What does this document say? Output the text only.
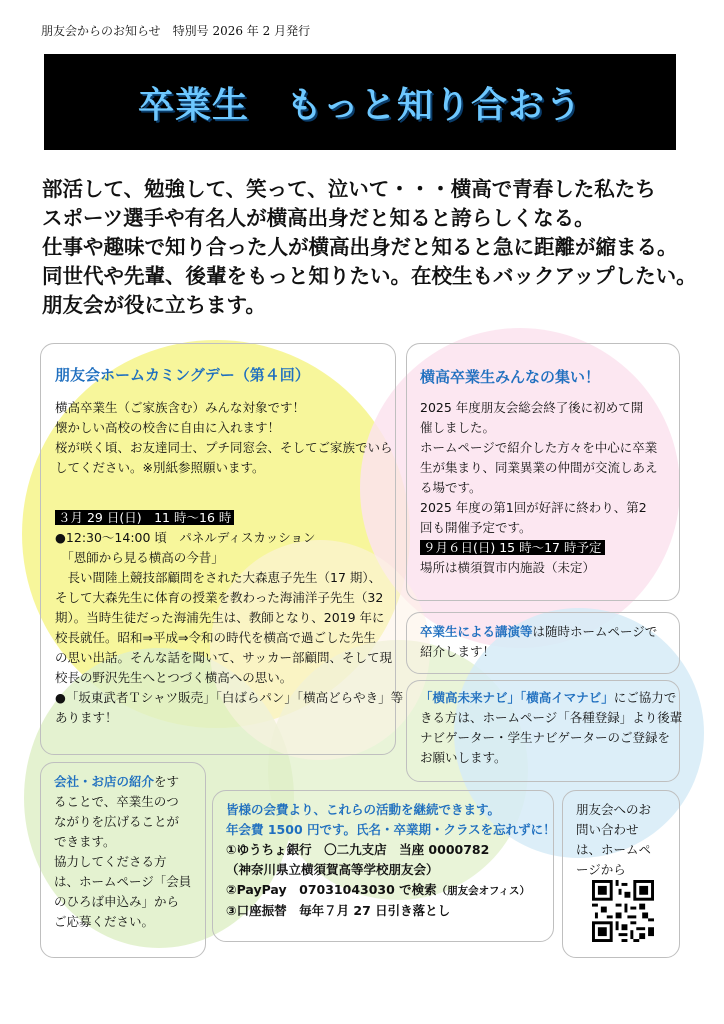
朋友会からのお知らせ　特別号 2026 年 2 月発行
卒業生　もっと知り合おう
部活して、勉強して、笑って、泣いて・・・横高で青春した私たち
スポーツ選手や有名人が横高出身だと知ると誇らしくなる。
仕事や趣味で知り合った人が横高出身だと知ると急に距離が縮まる。
同世代や先輩、後輩をもっと知りたい。在校生もバックアップしたい。
朋友会が役に立ちます。
朋友会ホームカミングデー（第４回）
横高卒業生（ご家族含む）みんな対象です！
懐かしい高校の校舎に自由に入れます！
桜が咲く頃、お友達同士、プチ同窓会、そしてご家族でいら
してください。※別紙参照願います。
３月 29 日(日)　11 時～16 時
●12:30～14:00 頃　パネルディスカッション
　「恩師から見る横高の今昔」
　長い間陸上競技部顧問をされた大森恵子先生（17 期）、
そして大森先生に体育の授業を教わった海浦洋子先生（32
期）。当時生徒だった海浦先生は、教師となり、2019 年に
校長就任。昭和⇒平成⇒令和の時代を横高で過ごした先生
の思い出話。そんな話を聞いて、サッカー部顧問、そして現
校長の野沢先生へとつづく横高への思い。
●「坂東武者Ｔシャツ販売」「白ばらパン」「横高どらやき」等
あります！
横高卒業生みんなの集い！
2025 年度朋友会総会終了後に初めて開
催しました。
ホームページで紹介した方々を中心に卒業
生が集まり、同業異業の仲間が交流しあえ
る場です。
2025 年度の第1回が好評に終わり、第2
回も開催予定です。
９月６日(日) 15 時～17 時予定
場所は横須賀市内施設（未定）
卒業生による講演等は随時ホームページで
紹介します！
「横高未来ナビ」「横高イマナビ」にご協力で
きる方は、ホームページ「各種登録」より後輩
ナビゲーター・学生ナビゲーターのご登録を
お願いします。
会社・お店の紹介をす
ることで、卒業生のつ
ながりを広げることが
できます。
協力してくださる方
は、ホームページ「会員
のひろば申込み」から
ご応募ください。
皆様の会費より、これらの活動を継続できます。
年会費 1500 円です。氏名・卒業期・クラスを忘れずに！
①ゆうちょ銀行　〇二九支店　当座 0000782
（神奈川県立横須賀高等学校朋友会）
②PayPay　07031043030 で検索（朋友会オフィス）
③口座振替　毎年７月 27 日引き落とし
朋友会へのお
問い合わせ
は、ホームペ
ージから
